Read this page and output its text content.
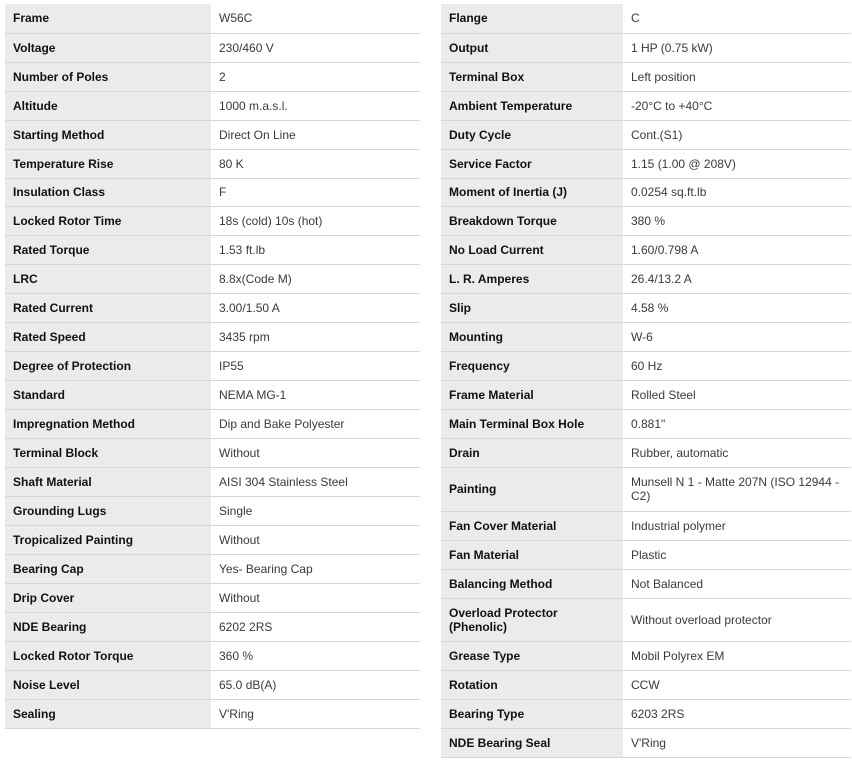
Frame	W56C
Voltage	230/460 V
Number of Poles	2
Altitude	1000 m.a.s.l.
Starting Method	Direct On Line
Temperature Rise	80 K
Insulation Class	F
Locked Rotor Time	18s (cold) 10s (hot)
Rated Torque	1.53 ft.lb
LRC	8.8x(Code M)
Rated Current	3.00/1.50 A
Rated Speed	3435 rpm
Degree of Protection	IP55
Standard	NEMA MG-1
Impregnation Method	Dip and Bake Polyester
Terminal Block	Without
Shaft Material	AISI 304 Stainless Steel
Grounding Lugs	Single
Tropicalized Painting	Without
Bearing Cap	Yes- Bearing Cap
Drip Cover	Without
NDE Bearing	6202 2RS
Locked Rotor Torque	360 %
Noise Level	65.0 dB(A)
Sealing	V'Ring
Flange	C
Output	1 HP (0.75 kW)
Terminal Box	Left position
Ambient Temperature	-20°C to +40°C
Duty Cycle	Cont.(S1)
Service Factor	1.15 (1.00 @ 208V)
Moment of Inertia (J)	0.0254 sq.ft.lb
Breakdown Torque	380 %
No Load Current	1.60/0.798 A
L. R. Amperes	26.4/13.2 A
Slip	4.58 %
Mounting	W-6
Frequency	60 Hz
Frame Material	Rolled Steel
Main Terminal Box Hole	0.881"
Drain	Rubber, automatic
Painting	Munsell N 1 - Matte 207N (ISO 12944 - C2)
Fan Cover Material	Industrial polymer
Fan Material	Plastic
Balancing Method	Not Balanced
Overload Protector (Phenolic)	Without overload protector
Grease Type	Mobil Polyrex EM
Rotation	CCW
Bearing Type	6203 2RS
NDE Bearing Seal	V'Ring
